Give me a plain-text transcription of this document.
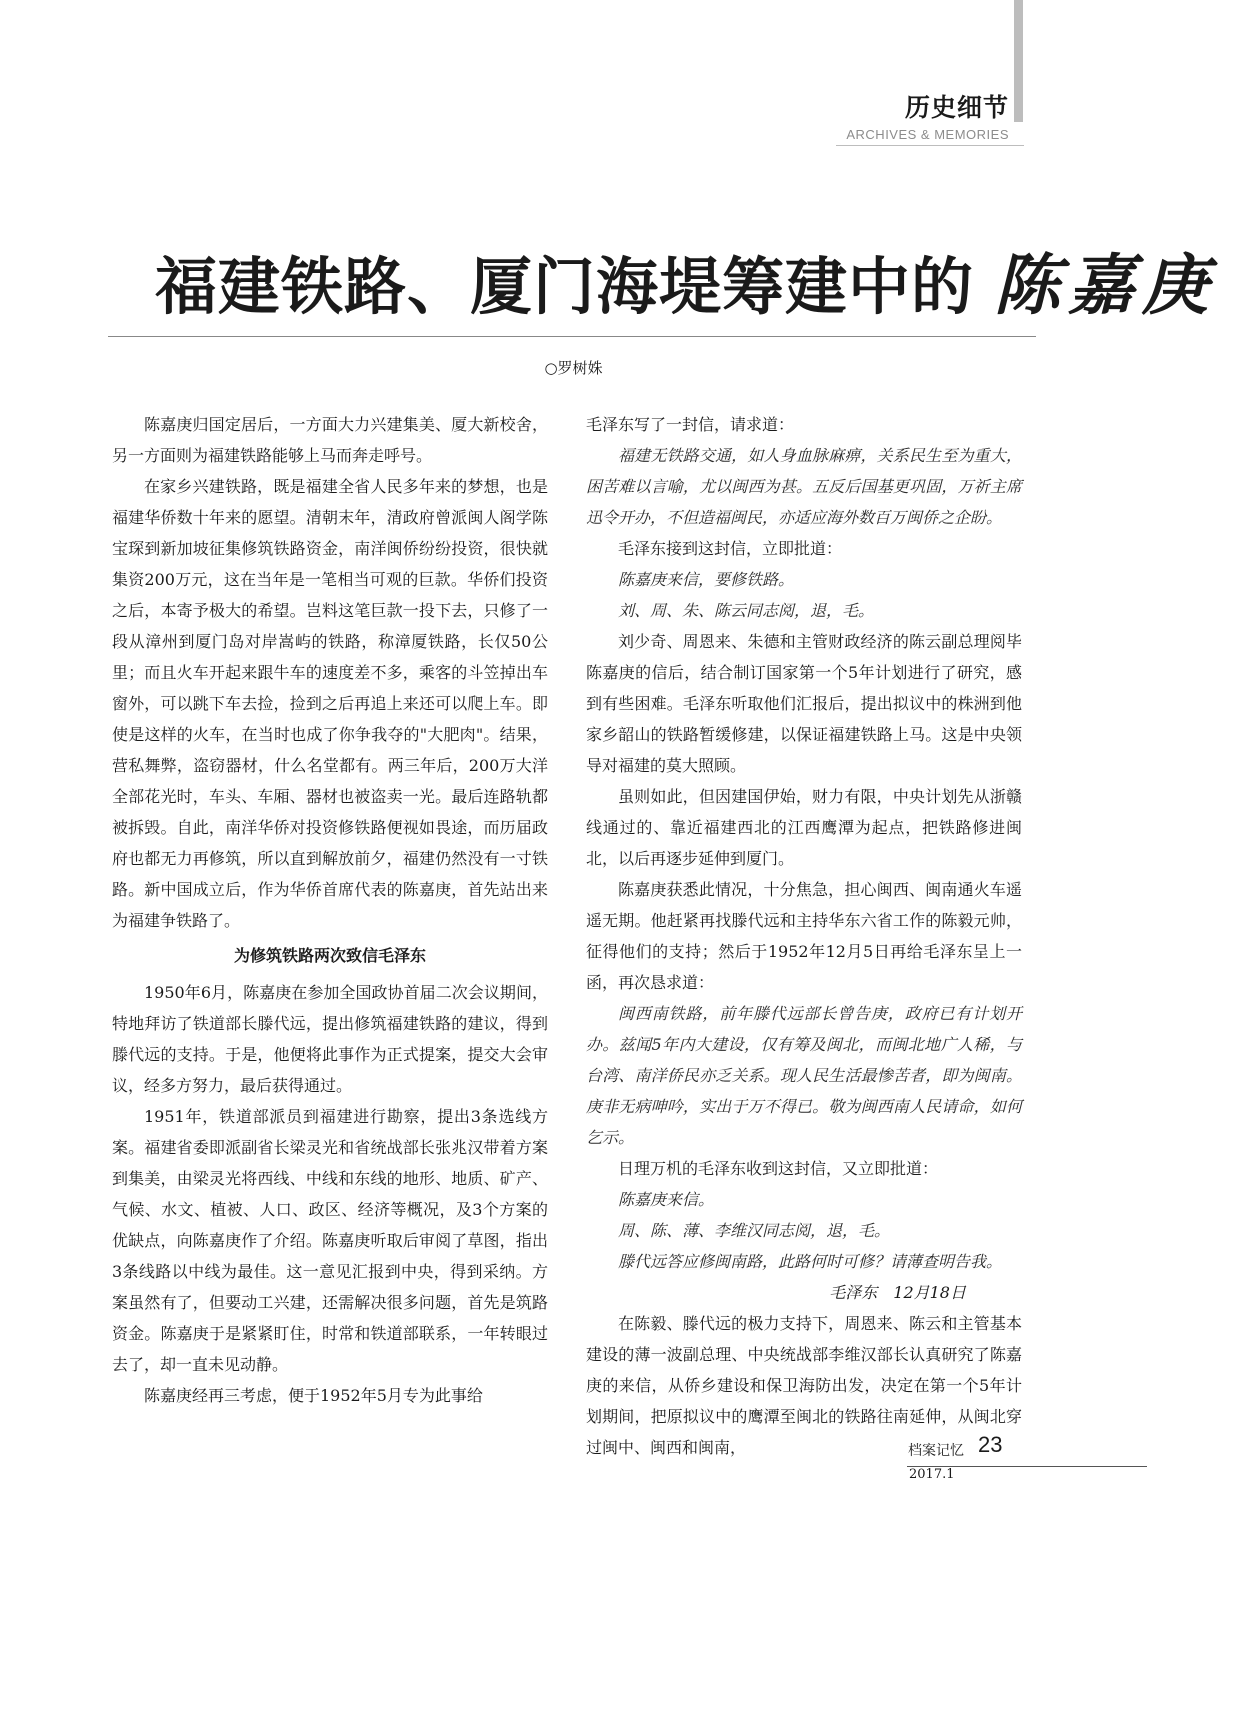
历史细节
ARCHIVES & MEMORIES
福建铁路、厦门海堤筹建中的 陈嘉庚
○罗树姝

陈嘉庚归国定居后，一方面大力兴建集美、厦大新校舍，另一方面则为福建铁路能够上马而奔走呼号。

在家乡兴建铁路，既是福建全省人民多年来的梦想，也是福建华侨数十年来的愿望。清朝末年，清政府曾派闽人阁学陈宝琛到新加坡征集修筑铁路资金，南洋闽侨纷纷投资，很快就集资200万元，这在当年是一笔相当可观的巨款。华侨们投资之后，本寄予极大的希望。岂料这笔巨款一投下去，只修了一段从漳州到厦门岛对岸嵩屿的铁路，称漳厦铁路，长仅50公里；而且火车开起来跟牛车的速度差不多，乘客的斗笠掉出车窗外，可以跳下车去捡，捡到之后再追上来还可以爬上车。即使是这样的火车，在当时也成了你争我夺的"大肥肉"。结果，营私舞弊，盗窃器材，什么名堂都有。两三年后，200万大洋全部花光时，车头、车厢、器材也被盗卖一光。最后连路轨都被拆毁。自此，南洋华侨对投资修铁路便视如畏途，而历届政府也都无力再修筑，所以直到解放前夕，福建仍然没有一寸铁路。新中国成立后，作为华侨首席代表的陈嘉庚，首先站出来为福建争铁路了。

为修筑铁路两次致信毛泽东

1950年6月，陈嘉庚在参加全国政协首届二次会议期间，特地拜访了铁道部长滕代远，提出修筑福建铁路的建议，得到滕代远的支持。于是，他便将此事作为正式提案，提交大会审议，经多方努力，最后获得通过。

1951年，铁道部派员到福建进行勘察，提出3条选线方案。福建省委即派副省长梁灵光和省统战部长张兆汉带着方案到集美，由梁灵光将西线、中线和东线的地形、地质、矿产、气候、水文、植被、人口、政区、经济等概况，及3个方案的优缺点，向陈嘉庚作了介绍。陈嘉庚听取后审阅了草图，指出3条线路以中线为最佳。这一意见汇报到中央，得到采纳。方案虽然有了，但要动工兴建，还需解决很多问题，首先是筑路资金。陈嘉庚于是紧紧盯住，时常和铁道部联系，一年转眼过去了，却一直未见动静。

陈嘉庚经再三考虑，便于1952年5月专为此事给

毛泽东写了一封信，请求道：

福建无铁路交通，如人身血脉麻痹，关系民生至为重大，困苦难以言喻，尤以闽西为甚。五反后国基更巩固，万祈主席迅令开办，不但造福闽民，亦适应海外数百万闽侨之企盼。

毛泽东接到这封信，立即批道：

陈嘉庚来信，要修铁路。

刘、周、朱、陈云同志阅，退，毛。

刘少奇、周恩来、朱德和主管财政经济的陈云副总理阅毕陈嘉庚的信后，结合制订国家第一个5年计划进行了研究，感到有些困难。毛泽东听取他们汇报后，提出拟议中的株洲到他家乡韶山的铁路暂缓修建，以保证福建铁路上马。这是中央领导对福建的莫大照顾。

虽则如此，但因建国伊始，财力有限，中央计划先从浙赣线通过的、靠近福建西北的江西鹰潭为起点，把铁路修进闽北，以后再逐步延伸到厦门。

陈嘉庚获悉此情况，十分焦急，担心闽西、闽南通火车遥遥无期。他赶紧再找滕代远和主持华东六省工作的陈毅元帅，征得他们的支持；然后于1952年12月5日再给毛泽东呈上一函，再次恳求道：

闽西南铁路，前年滕代远部长曾告庚，政府已有计划开办。兹闻5年内大建设，仅有筹及闽北，而闽北地广人稀，与台湾、南洋侨民亦乏关系。现人民生活最惨苦者，即为闽南。庚非无病呻吟，实出于万不得已。敬为闽西南人民请命，如何乞示。

日理万机的毛泽东收到这封信，又立即批道：

陈嘉庚来信。

周、陈、薄、李维汉同志阅，退，毛。

滕代远答应修闽南路，此路何时可修？请薄查明告我。

毛泽东　12月18日

在陈毅、滕代远的极力支持下，周恩来、陈云和主管基本建设的薄一波副总理、中央统战部李维汉部长认真研究了陈嘉庚的来信，从侨乡建设和保卫海防出发，决定在第一个5年计划期间，把原拟议中的鹰潭至闽北的铁路往南延伸，从闽北穿过闽中、闽西和闽南，	档案记忆 23
2017.1
